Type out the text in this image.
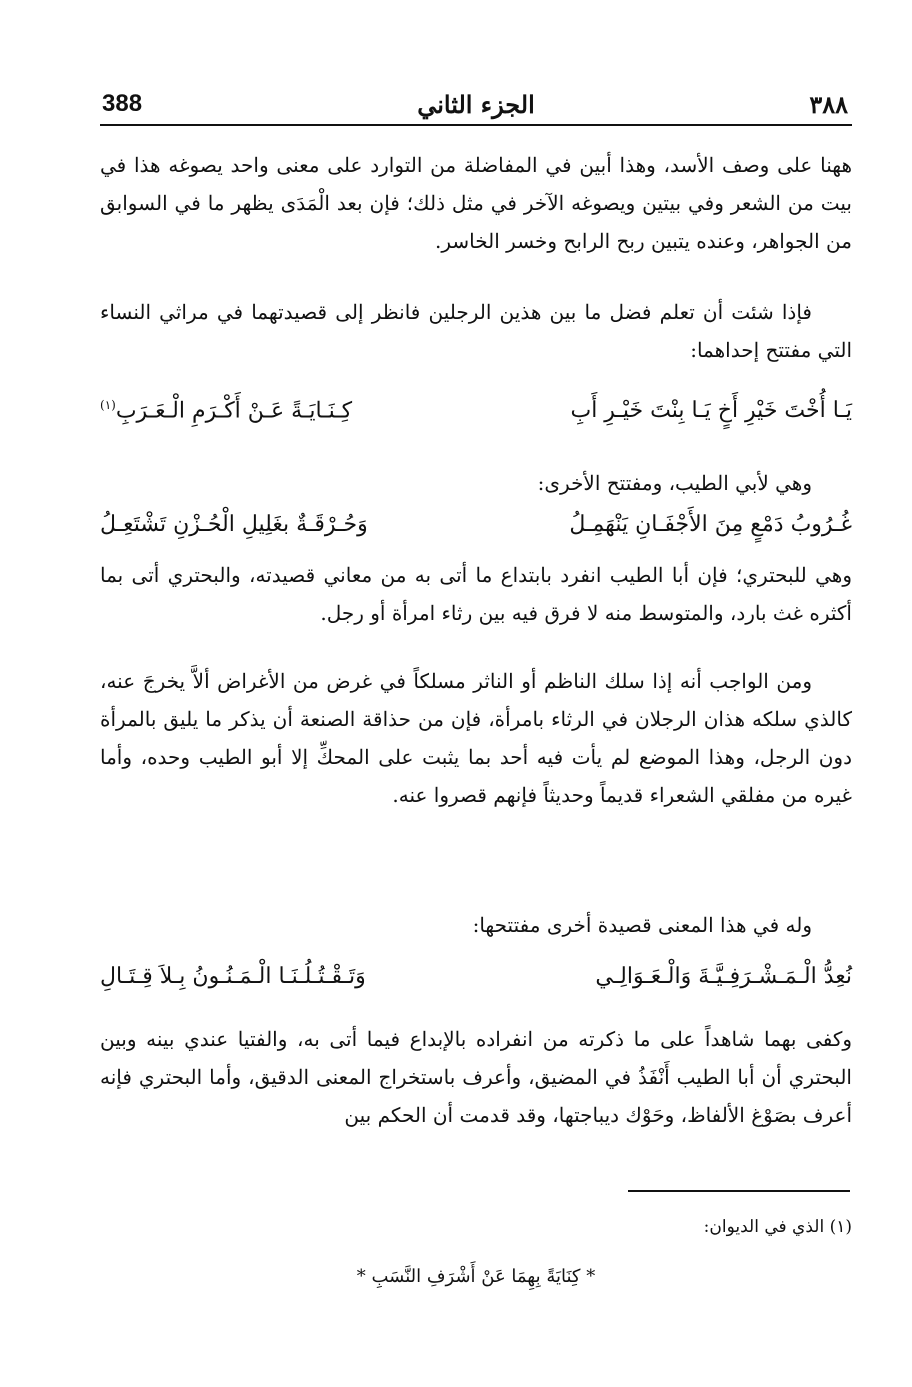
٣٨٨
الجزء الثاني
388
ههنا على وصف الأسد، وهذا أبين في المفاضلة من التوارد على معنى واحد يصوغه هذا في بيت من الشعر وفي بيتين ويصوغه الآخر في مثل ذلك؛ فإن بعد الْمَدَى يظهر ما في السوابق من الجواهر، وعنده يتبين ربح الرابح وخسر الخاسر.
فإذا شئت أن تعلم فضل ما بين هذين الرجلين فانظر إلى قصيدتهما في مراثي النساء التي مفتتح إحداهما:
يَـا أُخْتَ خَيْرِ أَخٍ يَـا بِنْتَ خَيْـرِ أَبِ
كِـنَـايَـةً عَـنْ أَكْـرَمِ الْـعَـرَبِ$^{(١)}$
وهي لأبي الطيب، ومفتتح الأخرى:
غُـرُوبُ دَمْعٍ مِنَ الأَجْفَـانِ يَنْهَمِـلُ
وَحُـرْقَـةٌ بغَلِيلِ الْحُـزْنِ تَشْتَعِـلُ
وهي للبحتري؛ فإن أبا الطيب انفرد بابتداع ما أتى به من معاني قصيدته، والبحتري أتى بما أكثره غث بارد، والمتوسط منه لا فرق فيه بين رثاء امرأة أو رجل.
ومن الواجب أنه إذا سلك الناظم أو الناثر مسلكاً في غرض من الأغراض ألاَّ يخرجَ عنه، كالذي سلكه هذان الرجلان في الرثاء بامرأة، فإن من حذاقة الصنعة أن يذكر ما يليق بالمرأة دون الرجل، وهذا الموضع لم يأت فيه أحد بما يثبت على المحكِّ إلا أبو الطيب وحده، وأما غيره من مفلقي الشعراء قديماً وحديثاً فإنهم قصروا عنه.
وله في هذا المعنى قصيدة أخرى مفتتحها:
نُعِدُّ الْـمَـشْـرَفِـيَّـةَ وَالْـعَـوَالِـي
وَتَـقْـتُـلُـنَـا الْـمَـنُـونُ بِـلاَ قِـتَـالِ
وكفى بهما شاهداً على ما ذكرته من انفراده بالإبداع فيما أتى به، والفتيا عندي بينه وبين البحتري أن أبا الطيب أَنْفَذُ في المضيق، وأعرف باستخراج المعنى الدقيق، وأما البحتري فإنه أعرف بصَوْغ الألفاظ، وحَوْك ديباجتها، وقد قدمت أن الحكم بين
(١) الذي في الديوان:
* كِنَايَةً بِهِمَا عَنْ أَشْرَفِ النَّسَبِ *
